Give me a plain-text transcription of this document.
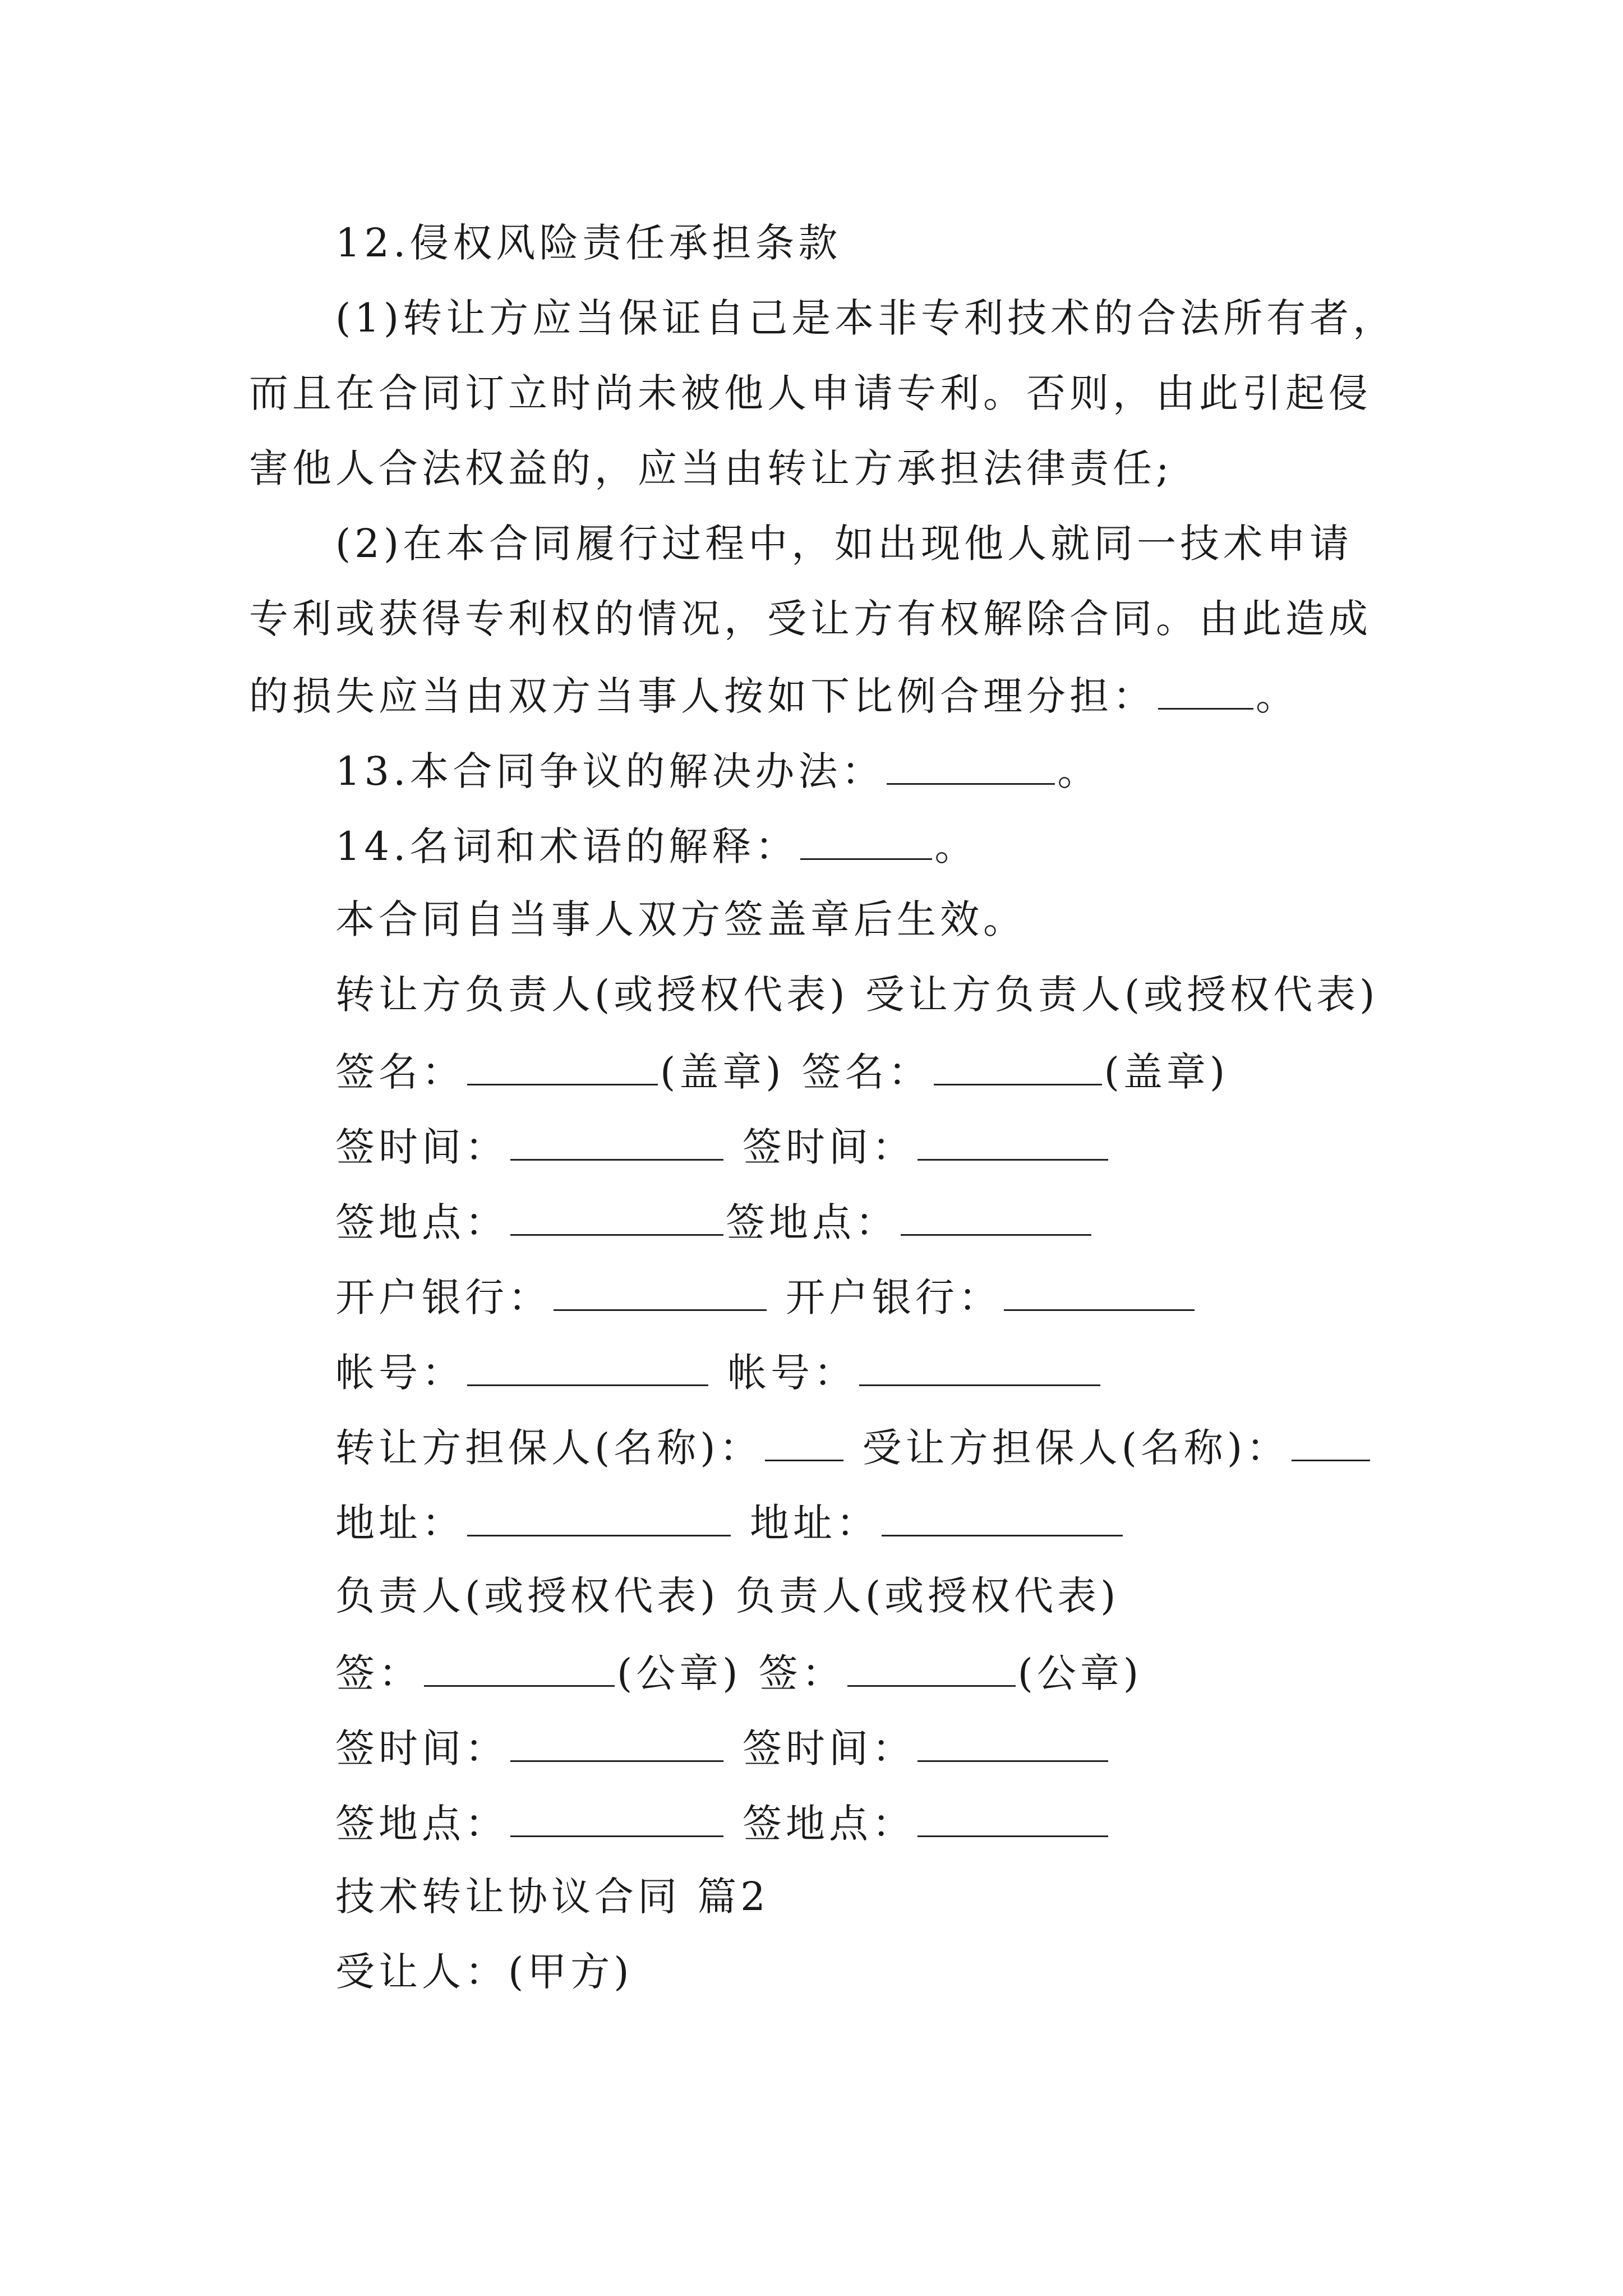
12.侵权风险责任承担条款
(1)转让方应当保证自己是本非专利技术的合法所有者，
而且在合同订立时尚未被他人申请专利。否则，由此引起侵
害他人合法权益的，应当由转让方承担法律责任;
(2)在本合同履行过程中，如出现他人就同一技术申请
专利或获得专利权的情况，受让方有权解除合同。由此造成
的损失应当由双方当事人按如下比例合理分担：	。
13.本合同争议的解决办法：	。
14.名词和术语的解释：	。
本合同自当事人双方签盖章后生效。
转让方负责人(或授权代表) 受让方负责人(或授权代表)
签名：	(盖章) 签名：	(盖章)
签时间：	签时间：
签地点：	签地点：
开户银行：	开户银行：
帐号：	帐号：
转让方担保人(名称)：	受让方担保人(名称)：
地址：	地址：
负责人(或授权代表) 负责人(或授权代表)
签：	(公章) 签：	(公章)
签时间：	签时间：
签地点：	签地点：
技术转让协议合同 篇2
受让人：(甲方)
